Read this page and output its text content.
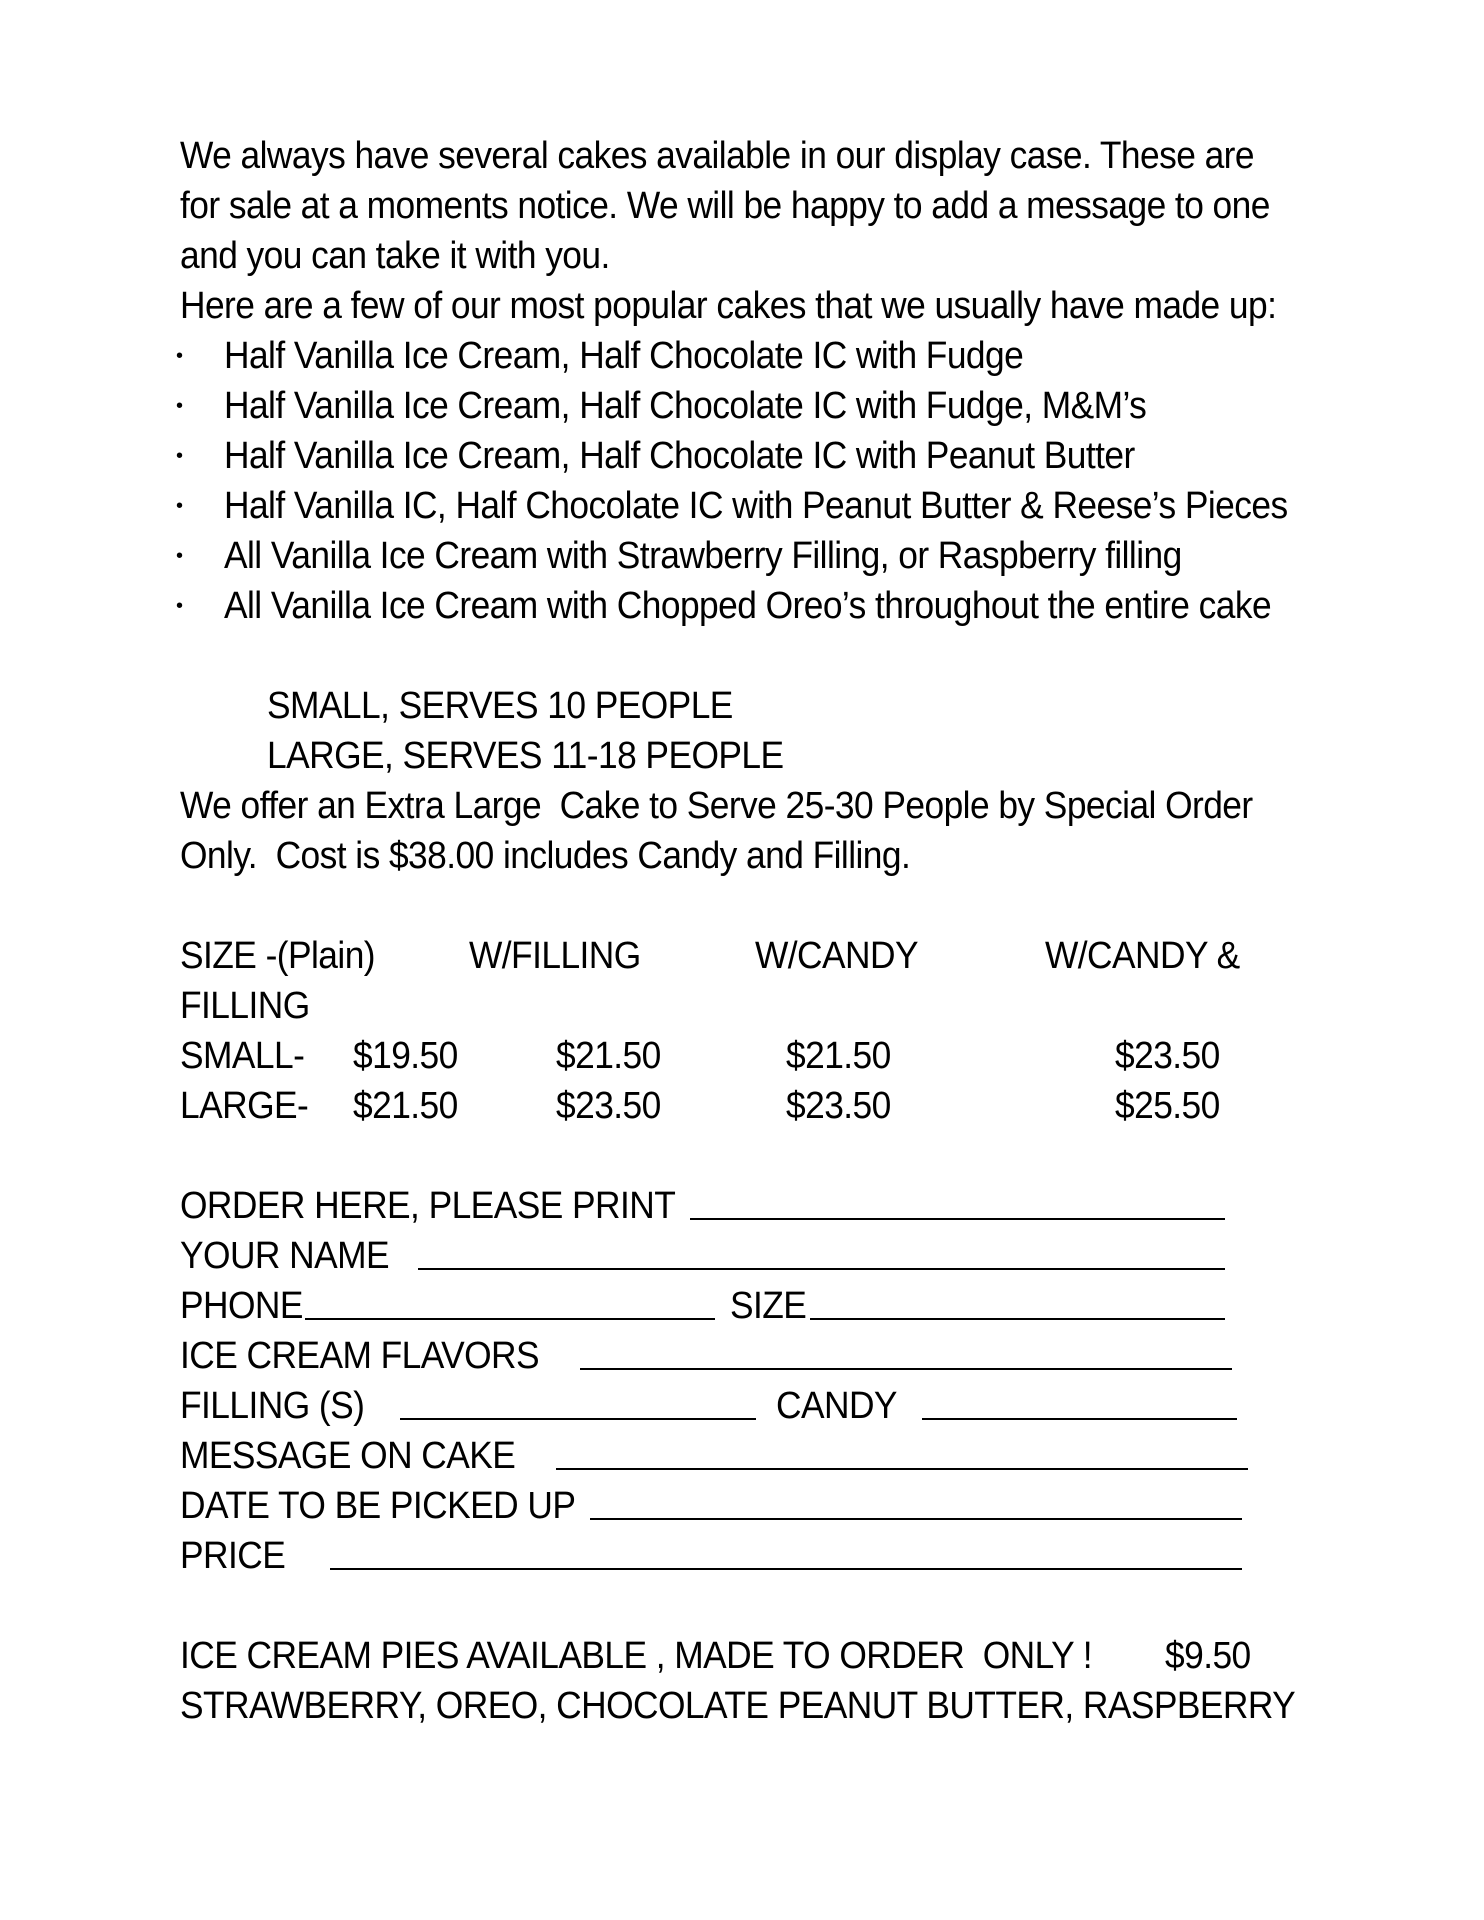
We always have several cakes available in our display case. These are
for sale at a moments notice. We will be happy to add a message to one
and you can take it with you.
Here are a few of our most popular cakes that we usually have made up:
• Half Vanilla Ice Cream, Half Chocolate IC with Fudge
• Half Vanilla Ice Cream, Half Chocolate IC with Fudge, M&M’s
• Half Vanilla Ice Cream, Half Chocolate IC with Peanut Butter
• Half Vanilla IC, Half Chocolate IC with Peanut Butter & Reese’s Pieces
• All Vanilla Ice Cream with Strawberry Filling, or Raspberry filling
• All Vanilla Ice Cream with Chopped Oreo’s throughout the entire cake
SMALL, SERVES 10 PEOPLE
LARGE, SERVES 11-18 PEOPLE
We offer an Extra Large  Cake to Serve 25-30 People by Special Order
Only.  Cost is $38.00 includes Candy and Filling.
SIZE -(Plain) W/FILLING	W/CANDY	W/CANDY &
FILLING
SMALL- $19.50	$21.50	$21.50	$23.50
LARGE- $21.50	$23.50	$23.50	$25.50
ORDER HERE, PLEASE PRINT
YOUR NAME
PHONE	SIZE
ICE CREAM FLAVORS
FILLING (S)	CANDY
MESSAGE ON CAKE
DATE TO BE PICKED UP
PRICE
ICE CREAM PIES AVAILABLE , MADE TO ORDER  ONLY ! $9.50
STRAWBERRY, OREO, CHOCOLATE PEANUT BUTTER, RASPBERRY
